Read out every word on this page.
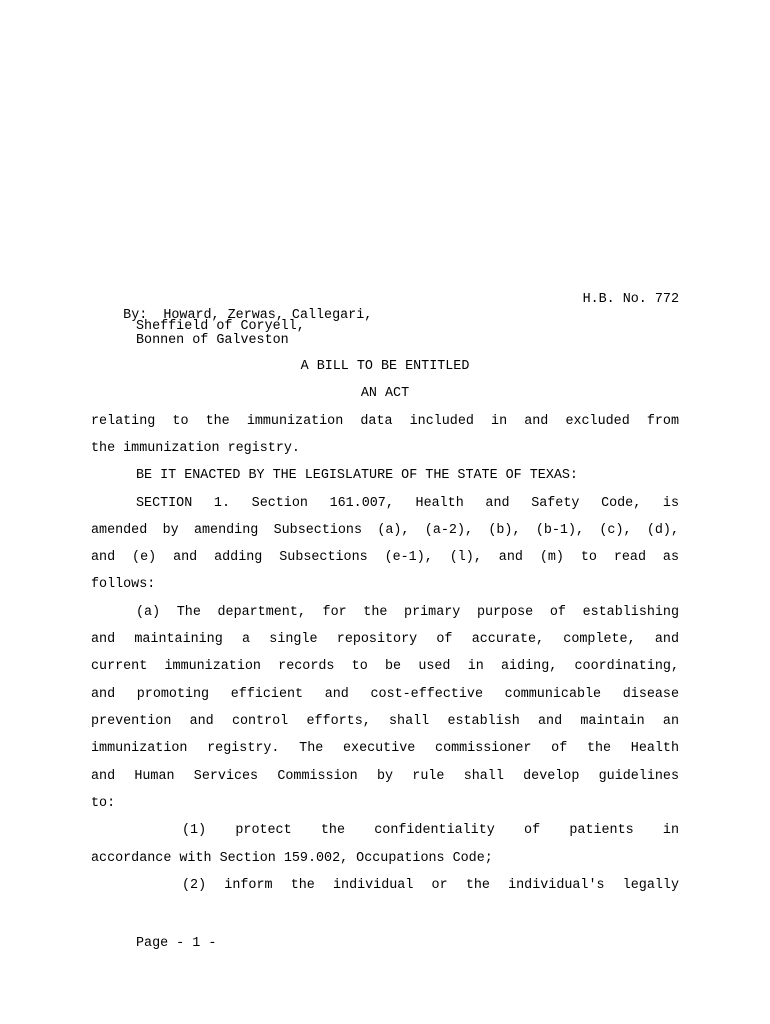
By: Howard, Zerwas, Callegari,

H.B. No. 772

Sheffield of Coryell,
Bonnen of Galveston
A BILL TO BE ENTITLED
AN ACT
relating to the immunization data included in and excluded from
the immunization registry.
BE IT ENACTED BY THE LEGISLATURE OF THE STATE OF TEXAS:
SECTION 1. Section 161.007, Health and Safety Code, is
amended by amending Subsections (a), (a-2), (b), (b-1), (c), (d),
and (e) and adding Subsections (e-1), (l), and (m) to read as
follows:
(a) The department, for the primary purpose of establishing
and maintaining a single repository of accurate, complete, and
current immunization records to be used in aiding, coordinating,
and promoting efficient and cost-effective communicable disease
prevention and control efforts, shall establish and maintain an
immunization registry. The executive commissioner of the Health
and Human Services Commission by rule shall develop guidelines
to:
(1) protect the confidentiality of patients in
accordance with Section 159.002, Occupations Code;
(2) inform the individual or the individual's legally
Page - 1 -
